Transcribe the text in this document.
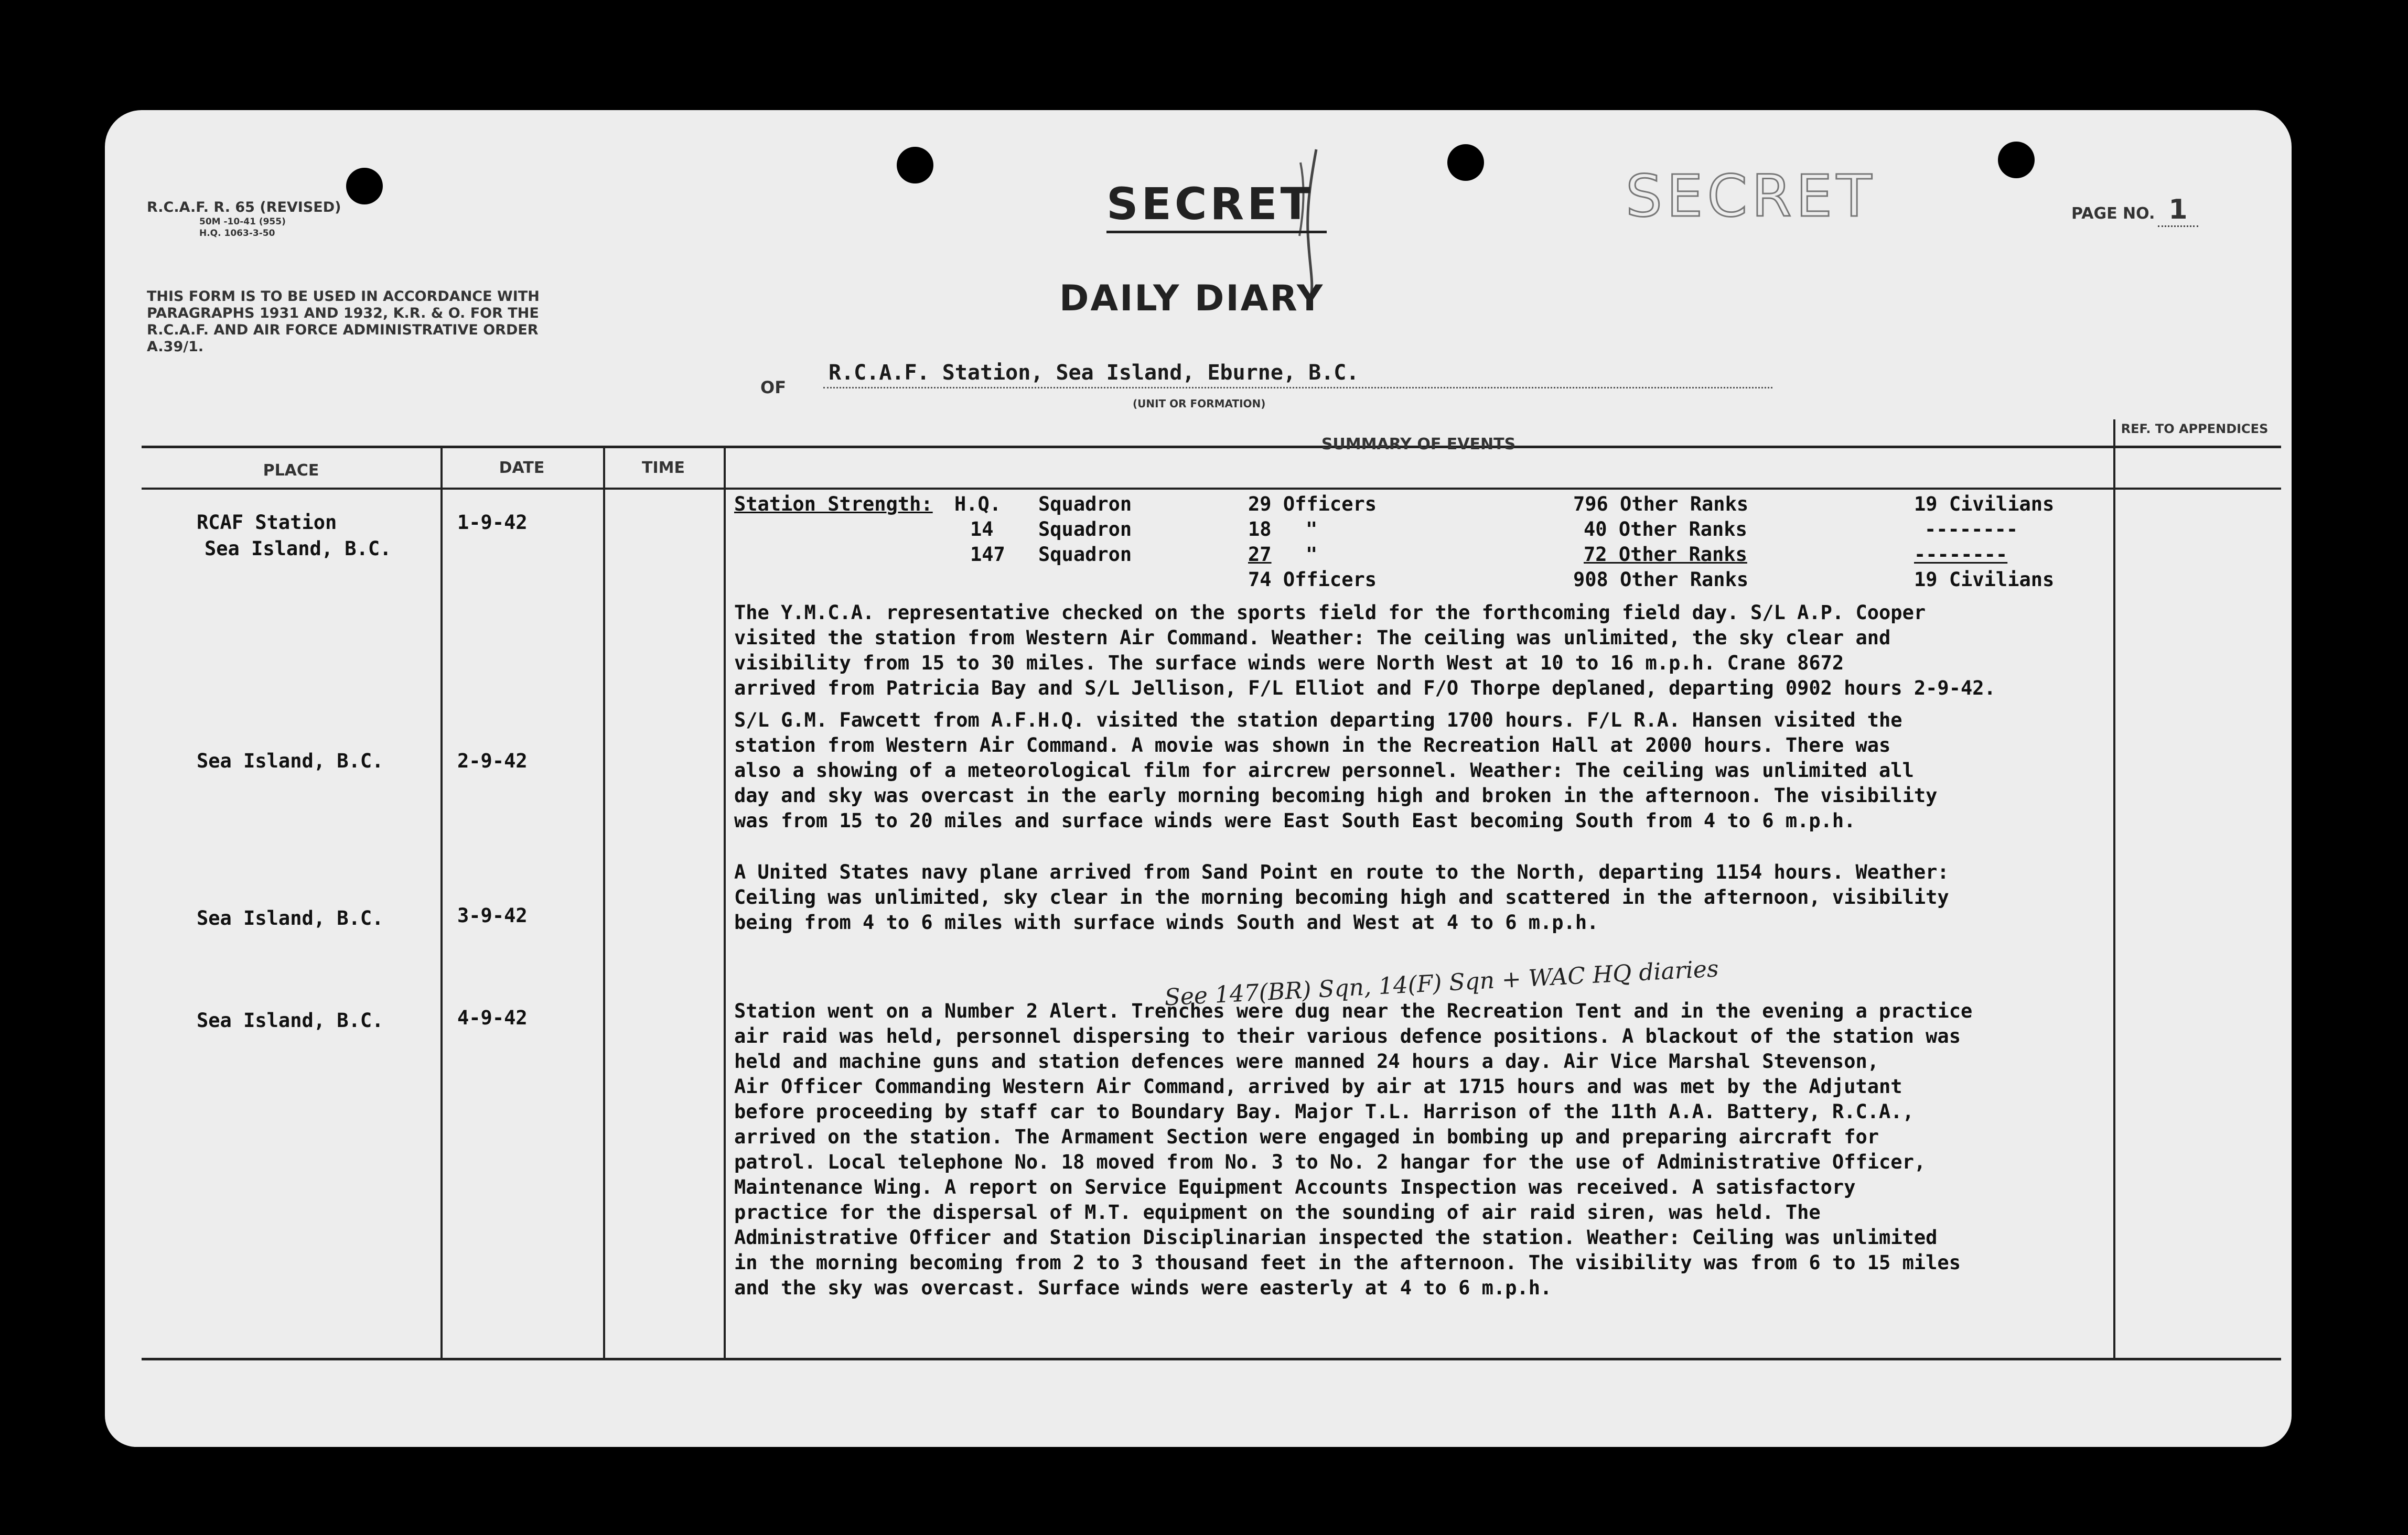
R.C.A.F. R. 65 (REVISED)
50M -10-41 (955)
H.Q. 1063-3-50
THIS FORM IS TO BE USED IN ACCORDANCE WITH PARAGRAPHS 1931 AND 1932, K.R. & O. FOR THE R.C.A.F. AND AIR FORCE ADMINISTRATIVE ORDER A.39/1.
SECRET	SECRET	PAGE NO. 1
DAILY DIARY
OF
R.C.A.F. Station, Sea Island, Eburne, B.C.
(UNIT OR FORMATION)
PLACE	DATE	TIME
SUMMARY OF EVENTS
REF. TO APPENDICES
RCAF Station
Sea Island, B.C.
1-9-42
Station Strength: H.Q. Squadron	29 Officers	796 Other Ranks	19 Civilians
14 Squadron	18 "	40 Other Ranks	--------
147 Squadron	27 "	72 Other Ranks	--------
74 Officers	908 Other Ranks	19 Civilians

The Y.M.C.A. representative checked on the sports field for the forthcoming field day. S/L A.P. Cooper

visited the station from Western Air Command. Weather: The ceiling was unlimited, the sky clear and

visibility from 15 to 30 miles. The surface winds were North West at 10 to 16 m.p.h. Crane 8672

arrived from Patricia Bay and S/L Jellison, F/L Elliot and F/O Thorpe deplaned, departing 0902 hours 2-9-42.

Sea Island, B.C.	2-9-42

S/L G.M. Fawcett from A.F.H.Q. visited the station departing 1700 hours. F/L R.A. Hansen visited the

station from Western Air Command. A movie was shown in the Recreation Hall at 2000 hours. There was

also a showing of a meteorological film for aircrew personnel. Weather: The ceiling was unlimited all

day and sky was overcast in the early morning becoming high and broken in the afternoon. The visibility

was from 15 to 20 miles and surface winds were East South East becoming South from 4 to 6 m.p.h.

Sea Island, B.C.	3-9-42

A United States navy plane arrived from Sand Point en route to the North, departing 1154 hours. Weather:

Ceiling was unlimited, sky clear in the morning becoming high and scattered in the afternoon, visibility

being from 4 to 6 miles with surface winds South and West at 4 to 6 m.p.h.

See 147(BR) Sqn, 14(F) Sqn + WAC HQ diaries
Sea Island, B.C.	4-9-42	Station went on a Number 2 Alert. Trenches were dug near the Recreation Tent and in the evening a practice

air raid was held, personnel dispersing to their various defence positions. A blackout of the station was

held and machine guns and station defences were manned 24 hours a day. Air Vice Marshal Stevenson,

Air Officer Commanding Western Air Command, arrived by air at 1715 hours and was met by the Adjutant

before proceeding by staff car to Boundary Bay. Major T.L. Harrison of the 11th A.A. Battery, R.C.A.,

arrived on the station. The Armament Section were engaged in bombing up and preparing aircraft for

patrol. Local telephone No. 18 moved from No. 3 to No. 2 hangar for the use of Administrative Officer,

Maintenance Wing. A report on Service Equipment Accounts Inspection was received. A satisfactory

practice for the dispersal of M.T. equipment on the sounding of air raid siren, was held. The

Administrative Officer and Station Disciplinarian inspected the station. Weather: Ceiling was unlimited

in the morning becoming from 2 to 3 thousand feet in the afternoon. The visibility was from 6 to 15 miles

and the sky was overcast. Surface winds were easterly at 4 to 6 m.p.h.
